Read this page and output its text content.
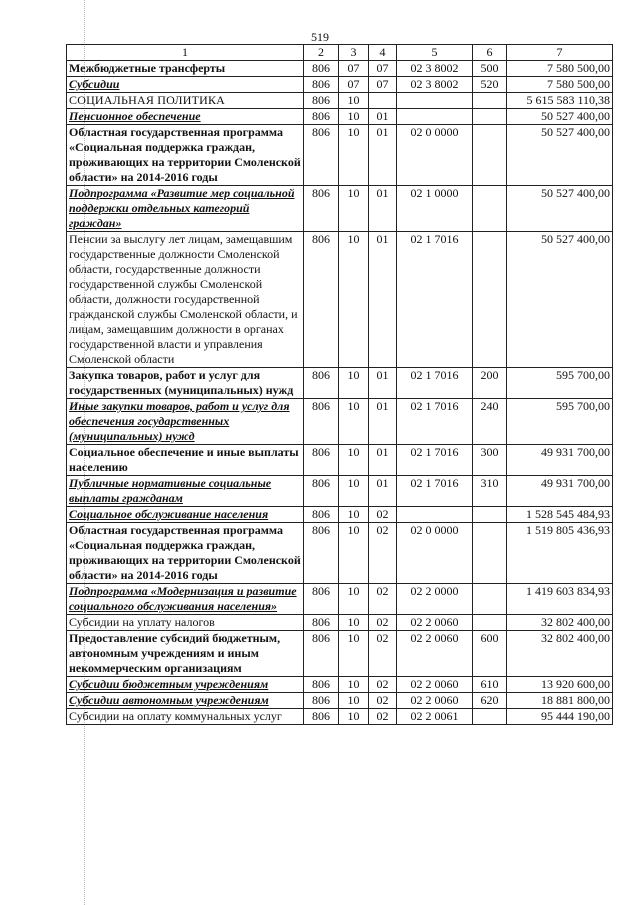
519
1	2	3	4	5	6	7
Межбюджетные трансферты	806	07	07	02 3 8002	500	7 580 500,00
Субсидии	806	07	07	02 3 8002	520	7 580 500,00
СОЦИАЛЬНАЯ ПОЛИТИКА	806	10				5 615 583 110,38
Пенсионное обеспечение	806	10	01			50 527 400,00
Областная государственная программа «Социальная поддержка граждан, проживающих на территории Смоленской области» на 2014-2016 годы	806	10	01	02 0 0000		50 527 400,00
Подпрограмма «Развитие мер социальной поддержки отдельных категорий граждан»	806	10	01	02 1 0000		50 527 400,00
Пенсии за выслугу лет лицам, замещавшим государственные должности Смоленской области, государственные должности государственной службы Смоленской области, должности государственной гражданской службы Смоленской области, и лицам, замещавшим должности в органах государственной власти и управления Смоленской области	806	10	01	02 1 7016		50 527 400,00
Закупка товаров, работ и услуг для государственных (муниципальных) нужд	806	10	01	02 1 7016	200	595 700,00
Иные закупки товаров, работ и услуг для обеспечения государственных (муниципальных) нужд	806	10	01	02 1 7016	240	595 700,00
Социальное обеспечение и иные выплаты населению	806	10	01	02 1 7016	300	49 931 700,00
Публичные нормативные социальные выплаты гражданам	806	10	01	02 1 7016	310	49 931 700,00
Социальное обслуживание населения	806	10	02			1 528 545 484,93
Областная государственная программа «Социальная поддержка граждан, проживающих на территории Смоленской области» на 2014-2016 годы	806	10	02	02 0 0000		1 519 805 436,93
Подпрограмма «Модернизация и развитие социального обслуживания населения»	806	10	02	02 2 0000		1 419 603 834,93
Субсидии на уплату налогов	806	10	02	02 2 0060		32 802 400,00
Предоставление субсидий бюджетным, автономным учреждениям и иным некоммерческим организациям	806	10	02	02 2 0060	600	32 802 400,00
Субсидии бюджетным учреждениям	806	10	02	02 2 0060	610	13 920 600,00
Субсидии автономным учреждениям	806	10	02	02 2 0060	620	18 881 800,00
Субсидии на оплату коммунальных услуг	806	10	02	02 2 0061		95 444 190,00
